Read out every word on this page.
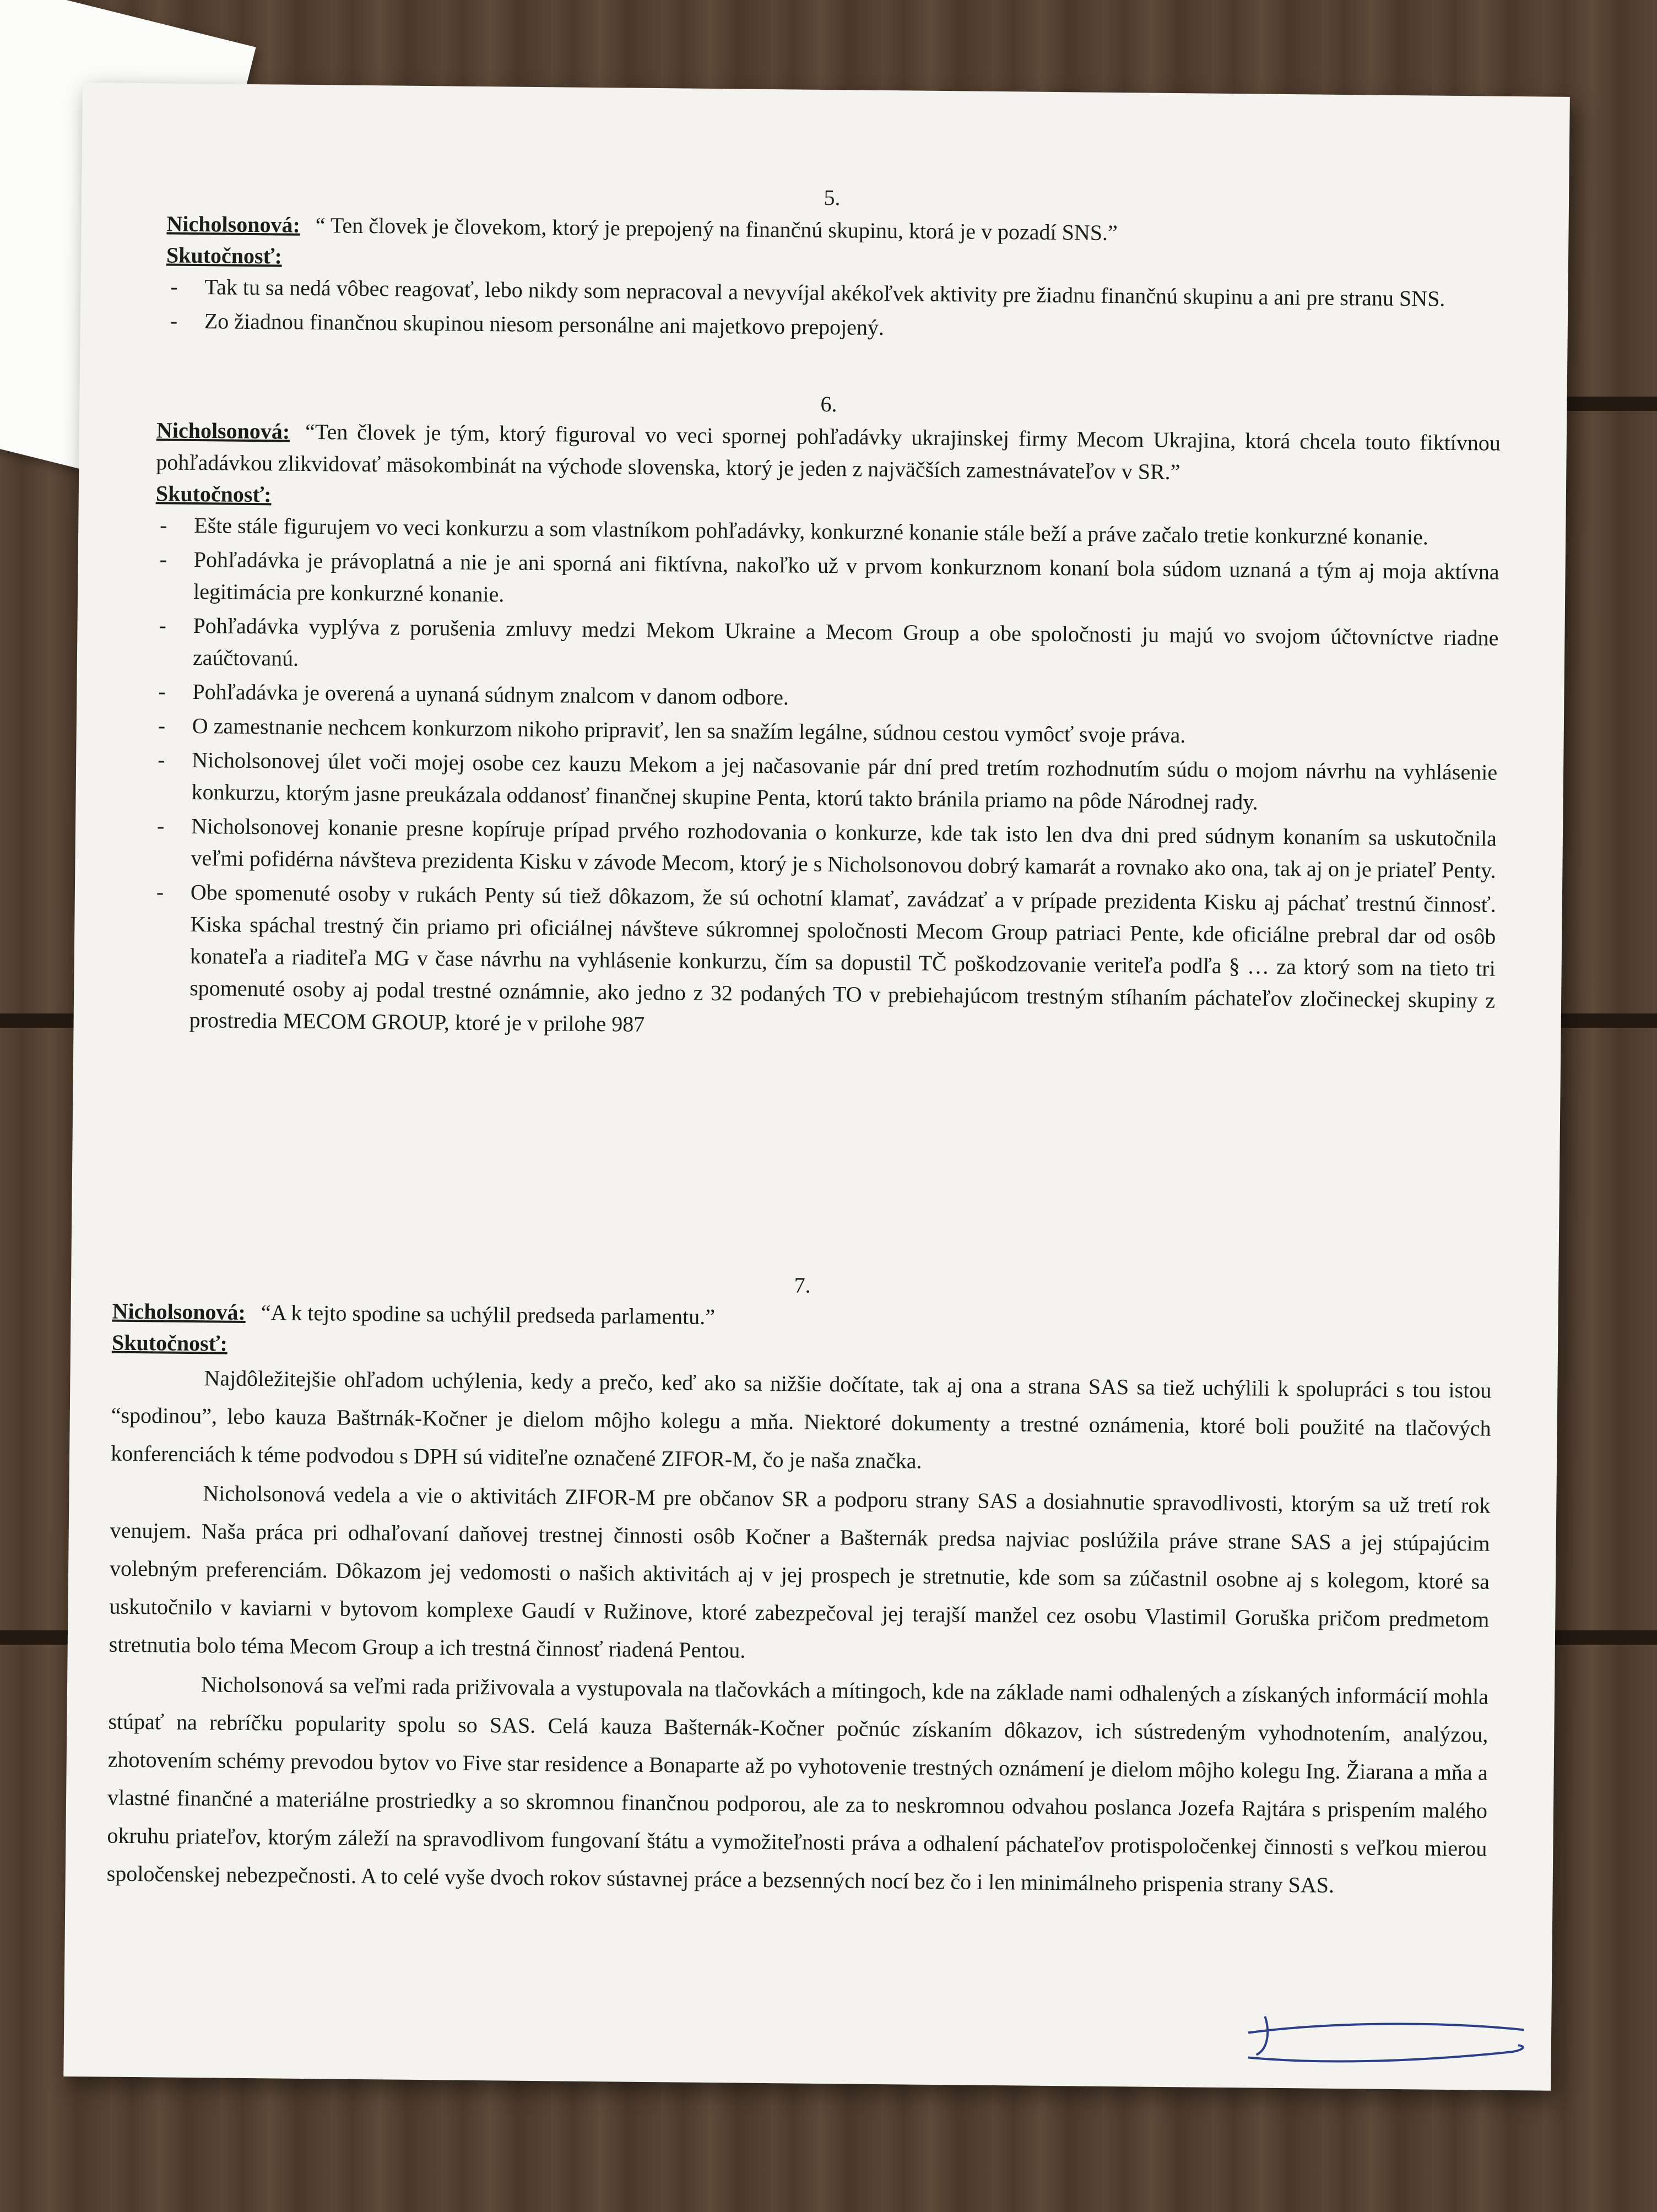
5.

Nicholsonová: “ Ten človek je človekom, ktorý je prepojený na finančnú skupinu, ktorá je v pozadí SNS.”

Skutočnosť:

- Tak tu sa nedá vôbec reagovať, lebo nikdy som nepracoval a nevyvíjal akékoľvek aktivity pre žiadnu finančnú skupinu a ani pre stranu SNS.

- Zo žiadnou finančnou skupinou niesom personálne ani majetkovo prepojený.

6.

Nicholsonová: “Ten človek je tým, ktorý figuroval vo veci spornej pohľadávky ukrajinskej firmy Mecom Ukrajina, ktorá chcela touto fiktívnou pohľadávkou zlikvidovať mäsokombinát na východe slovenska, ktorý je jeden z najväčších zamestnávateľov v SR.”

Skutočnosť:

- Ešte stále figurujem vo veci konkurzu a som vlastníkom pohľadávky, konkurzné konanie stále beží a práve začalo tretie konkurzné konanie.

- Pohľadávka je právoplatná a nie je ani sporná ani fiktívna, nakoľko už v prvom konkurznom konaní bola súdom uznaná a tým aj moja aktívna legitimácia pre konkurzné konanie.

- Pohľadávka vyplýva z porušenia zmluvy medzi Mekom Ukraine a Mecom Group a obe spoločnosti ju majú vo svojom účtovníctve riadne zaúčtovanú.

- Pohľadávka je overená a uynaná súdnym znalcom v danom odbore.

- O zamestnanie nechcem konkurzom nikoho pripraviť, len sa snažím legálne, súdnou cestou vymôcť svoje práva.

- Nicholsonovej úlet voči mojej osobe cez kauzu Mekom a jej načasovanie pár dní pred tretím rozhodnutím súdu o mojom návrhu na vyhlásenie konkurzu, ktorým jasne preukázala oddanosť finančnej skupine Penta, ktorú takto bránila priamo na pôde Národnej rady.

- Nicholsonovej konanie presne kopíruje prípad prvého rozhodovania o konkurze, kde tak isto len dva dni pred súdnym konaním sa uskutočnila veľmi pofidérna návšteva prezidenta Kisku v závode Mecom, ktorý je s Nicholsonovou dobrý kamarát a rovnako ako ona, tak aj on je priateľ Penty.

- Obe spomenuté osoby v rukách Penty sú tiež dôkazom, že sú ochotní klamať, zavádzať a v prípade prezidenta Kisku aj páchať trestnú činnosť. Kiska spáchal trestný čin priamo pri oficiálnej návšteve súkromnej spoločnosti Mecom Group patriaci Pente, kde oficiálne prebral dar od osôb konateľa a riaditeľa MG v čase návrhu na vyhlásenie konkurzu, čím sa dopustil TČ poškodzovanie veriteľa podľa § … za ktorý som na tieto tri spomenuté osoby aj podal trestné oznámnie, ako jedno z 32 podaných TO v prebiehajúcom trestným stíhaním páchateľov zločineckej skupiny z prostredia MECOM GROUP, ktoré je v prilohe 987

7.

Nicholsonová: “A k tejto spodine sa uchýlil predseda parlamentu.”

Skutočnosť:

Najdôležitejšie ohľadom uchýlenia, kedy a prečo, keď ako sa nižšie dočítate, tak aj ona a strana SAS sa tiež uchýlili k spolupráci s tou istou “spodinou”, lebo kauza Baštrnák-Kočner je dielom môjho kolegu a mňa. Niektoré dokumenty a trestné oznámenia, ktoré boli použité na tlačových konferenciách k téme podvodou s DPH sú viditeľne označené ZIFOR-M, čo je naša značka.

Nicholsonová vedela a vie o aktivitách ZIFOR-M pre občanov SR a podporu strany SAS a dosiahnutie spravodlivosti, ktorým sa už tretí rok venujem. Naša práca pri odhaľovaní daňovej trestnej činnosti osôb Kočner a Bašternák predsa najviac poslúžila práve strane SAS a jej stúpajúcim volebným preferenciám. Dôkazom jej vedomosti o našich aktivitách aj v jej prospech je stretnutie, kde som sa zúčastnil osobne aj s kolegom, ktoré sa uskutočnilo v kaviarni v bytovom komplexe Gaudí v Ružinove, ktoré zabezpečoval jej terajší manžel cez osobu Vlastimil Goruška pričom predmetom stretnutia bolo téma Mecom Group a ich trestná činnosť riadená Pentou.

Nicholsonová sa veľmi rada priživovala a vystupovala na tlačovkách a mítingoch, kde na základe nami odhalených a získaných informácií mohla stúpať na rebríčku popularity spolu so SAS. Celá kauza Bašternák-Kočner počnúc získaním dôkazov, ich sústredeným vyhodnotením, analýzou, zhotovením schémy prevodou bytov vo Five star residence a Bonaparte až po vyhotovenie trestných oznámení je dielom môjho kolegu Ing. Žiarana a mňa a vlastné finančné a materiálne prostriedky a so skromnou finančnou podporou, ale za to neskromnou odvahou poslanca Jozefa Rajtára s prispením malého okruhu priateľov, ktorým záleží na spravodlivom fungovaní štátu a vymožiteľnosti práva a odhalení páchateľov protispoločenkej činnosti s veľkou mierou spoločenskej nebezpečnosti. A to celé vyše dvoch rokov sústavnej práce a bezsenných nocí bez čo i len minimálneho prispenia strany SAS.
